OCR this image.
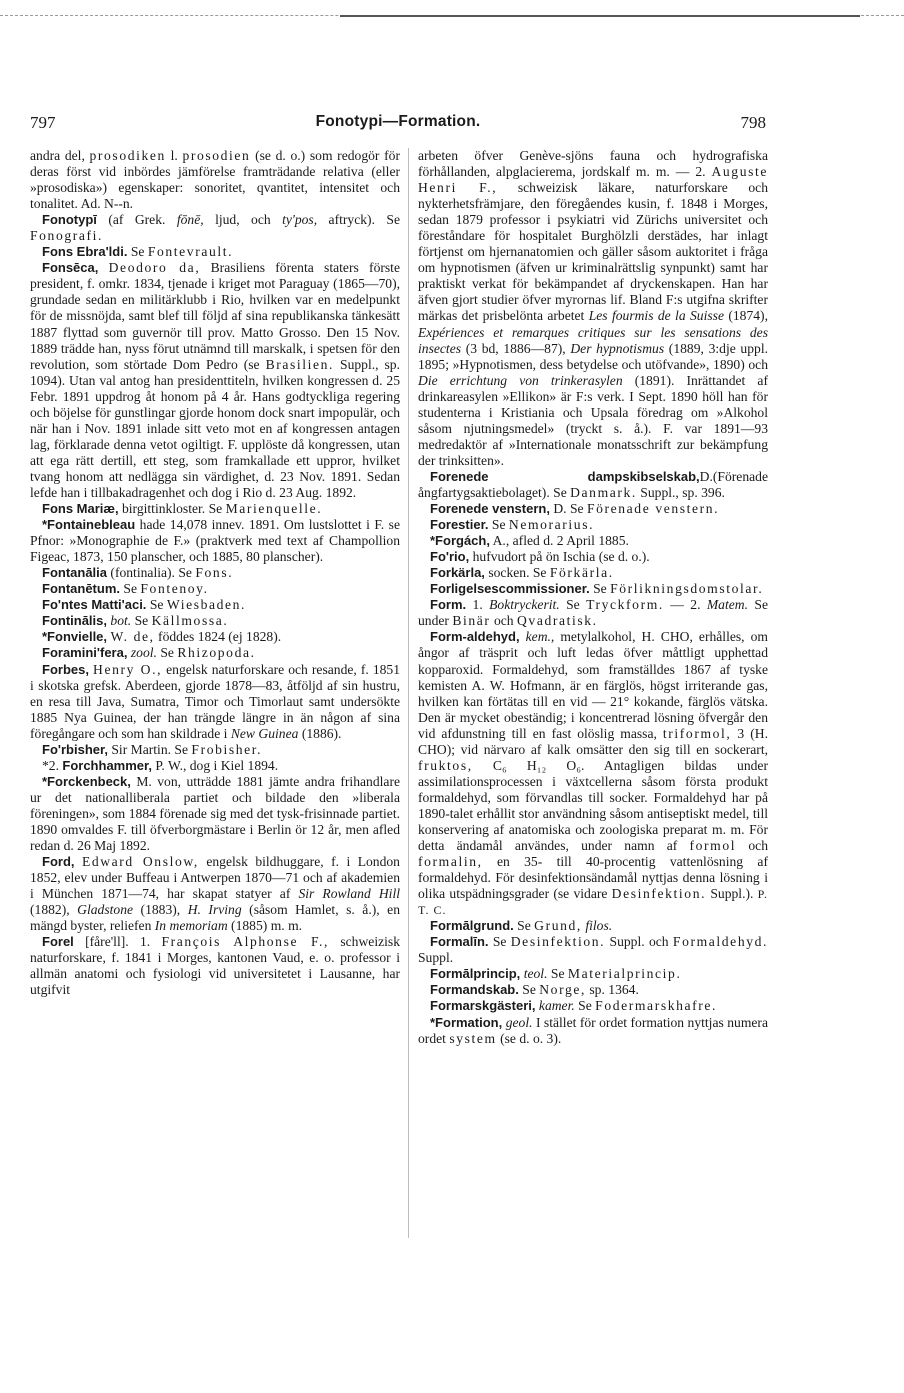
797	Fonotypi—Formation.	798

andra del, prosodiken l. prosodien (se d. o.) som redogör för deras först vid inbördes jämförelse framträdande relativa (eller »prosodiska») egenskaper: sonoritet, qvantitet, intensitet och tonalitet. Ad. N--n.

Fonotypī (af Grek. fōnē, ljud, och ty'pos, aftryck). Se Fonografi.

Fons Ebra'ldi. Se Fontevrault.

Fonsēca, Deodoro da, Brasiliens förenta staters förste president, f. omkr. 1834, tjenade i kriget mot Paraguay (1865—70), grundade sedan en militärklubb i Rio, hvilken var en medelpunkt för de missnöjda, samt blef till följd af sina republikanska tänkesätt 1887 flyttad som guvernör till prov. Matto Grosso. Den 15 Nov. 1889 trädde han, nyss förut utnämnd till marskalk, i spetsen för den revolution, som störtade Dom Pedro (se Brasilien. Suppl., sp. 1094). Utan val antog han presidenttiteln, hvilken kongressen d. 25 Febr. 1891 uppdrog åt honom på 4 år. Hans godtyckliga regering och böjelse för gunstlingar gjorde honom dock snart impopulär, och när han i Nov. 1891 inlade sitt veto mot en af kongressen antagen lag, förklarade denna vetot ogiltigt. F. upplöste då kongressen, utan att ega rätt dertill, ett steg, som framkallade ett uppror, hvilket tvang honom att nedlägga sin värdighet, d. 23 Nov. 1891. Sedan lefde han i tillbakadragenhet och dog i Rio d. 23 Aug. 1892.

Fons Mariæ, birgittinkloster. Se Marienquelle.

*Fontainebleau hade 14,078 innev. 1891. Om lustslottet i F. se Pfnor: »Monographie de F.» (praktverk med text af Champollion Figeac, 1873, 150 planscher, och 1885, 80 planscher).

Fontanālia (fontinalia). Se Fons.

Fontanētum. Se Fontenoy.

Fo'ntes Matti'aci. Se Wiesbaden.

Fontinālis, bot. Se Källmossa.

*Fonvielle, W. de, föddes 1824 (ej 1828).

Foramini'fera, zool. Se Rhizopoda.

Forbes, Henry O., engelsk naturforskare och resande, f. 1851 i skotska grefsk. Aberdeen, gjorde 1878—83, åtföljd af sin hustru, en resa till Java, Sumatra, Timor och Timorlaut samt undersökte 1885 Nya Guinea, der han trängde längre in än någon af sina föregångare och som han skildrade i New Guinea (1886).

Fo'rbisher, Sir Martin. Se Frobisher.

*2. Forchhammer, P. W., dog i Kiel 1894.

*Forckenbeck, M. von, utträdde 1881 jämte andra frihandlare ur det nationalliberala partiet och bildade den »liberala föreningen», som 1884 förenade sig med det tysk-frisinnade partiet. 1890 omvaldes F. till öfverborgmästare i Berlin ör 12 år, men afled redan d. 26 Maj 1892.

Ford, Edward Onslow, engelsk bildhuggare, f. i London 1852, elev under Buffeau i Antwerpen 1870—71 och af akademien i München 1871—74, har skapat statyer af Sir Rowland Hill (1882), Gladstone (1883), H. Irving (såsom Hamlet, s. å.), en mängd byster, reliefen In memoriam (1885) m. m.

Forel [fåre'll]. 1. François Alphonse F., schweizisk naturforskare, f. 1841 i Morges, kantonen Vaud, e. o. professor i allmän anatomi och fysiologi vid universitetet i Lausanne, har utgifvit

arbeten öfver Genève-sjöns fauna och hydrografiska förhållanden, alpglacierema, jordskalf m. m. — 2. Auguste Henri F., schweizisk läkare, naturforskare och nykterhetsfrämjare, den föregåendes kusin, f. 1848 i Morges, sedan 1879 professor i psykiatri vid Zürichs universitet och föreståndare för hospitalet Burghölzli derstädes, har inlagt förtjenst om hjernanatomien och gäller såsom auktoritet i fråga om hypnotismen (äfven ur kriminalrättslig synpunkt) samt har praktiskt verkat för bekämpandet af dryckenskapen. Han har äfven gjort studier öfver myrornas lif. Bland F:s utgifna skrifter märkas det prisbelönta arbetet Les fourmis de la Suisse (1874), Expériences et remarques critiques sur les sensations des insectes (3 bd, 1886—87), Der hypnotismus (1889, 3:dje uppl. 1895; »Hypnotismen, dess betydelse och utöfvande», 1890) och Die errichtung von trinkerasylen (1891). Inrättandet af drinkareasylen »Ellikon» är F:s verk. I Sept. 1890 höll han för studenterna i Kristiania och Upsala föredrag om »Alkohol såsom njutningsmedel» (tryckt s. å.). F. var 1891—93 medredaktör af »Internationale monatsschrift zur bekämpfung der trinksitten».

Forenede dampskibselskab,D.(Förenade ångfartygsaktiebolaget). Se Danmark. Suppl., sp. 396.

Forenede venstern, D. Se Förenade venstern.

Forestier. Se Nemorarius.

*Forgách, A., afled d. 2 April 1885.

Fo'rio, hufvudort på ön Ischia (se d. o.).

Forkärla, socken. Se Förkärla.

Forligelsescommissioner. Se Förlikningsdomstolar.

Form. 1. Boktryckerit. Se Tryckform. — 2. Matem. Se under Binär och Qvadratisk.

Form-aldehyd, kem., metylalkohol, H. CHO, erhålles, om ångor af träsprit och luft ledas öfver måttligt upphettad kopparoxid. Formaldehyd, som framställdes 1867 af tyske kemisten A. W. Hofmann, är en färglös, högst irriterande gas, hvilken kan förtätas till en vid — 21° kokande, färglös vätska. Den är mycket obeständig; i koncentrerad lösning öfvergår den vid afdunstning till en fast olöslig massa, triformol, 3 (H. CHO); vid närvaro af kalk omsätter den sig till en sockerart, fruktos, C₆ H₁₂ O₆. Antagligen bildas under assimilationsprocessen i växtcellerna såsom första produkt formaldehyd, som förvandlas till socker. Formaldehyd har på 1890-talet erhållit stor användning såsom antiseptiskt medel, till konservering af anatomiska och zoologiska preparat m. m. För detta ändamål användes, under namn af formol och formalin, en 35- till 40-procentig vattenlösning af formaldehyd. För desinfektionsändamål nyttjas denna lösning i olika utspädningsgrader (se vidare Desinfektion. Suppl.). P. T. C.

Formālgrund. Se Grund, filos.

Formalīn. Se Desinfektion. Suppl. och Formaldehyd. Suppl.

Formālprincip, teol. Se Materialprincip.

Formandskab. Se Norge, sp. 1364.

Formarskgästeri, kamer. Se Fodermarskhafre.

*Formation, geol. I stället för ordet formation nyttjas numera ordet system (se d. o. 3).
